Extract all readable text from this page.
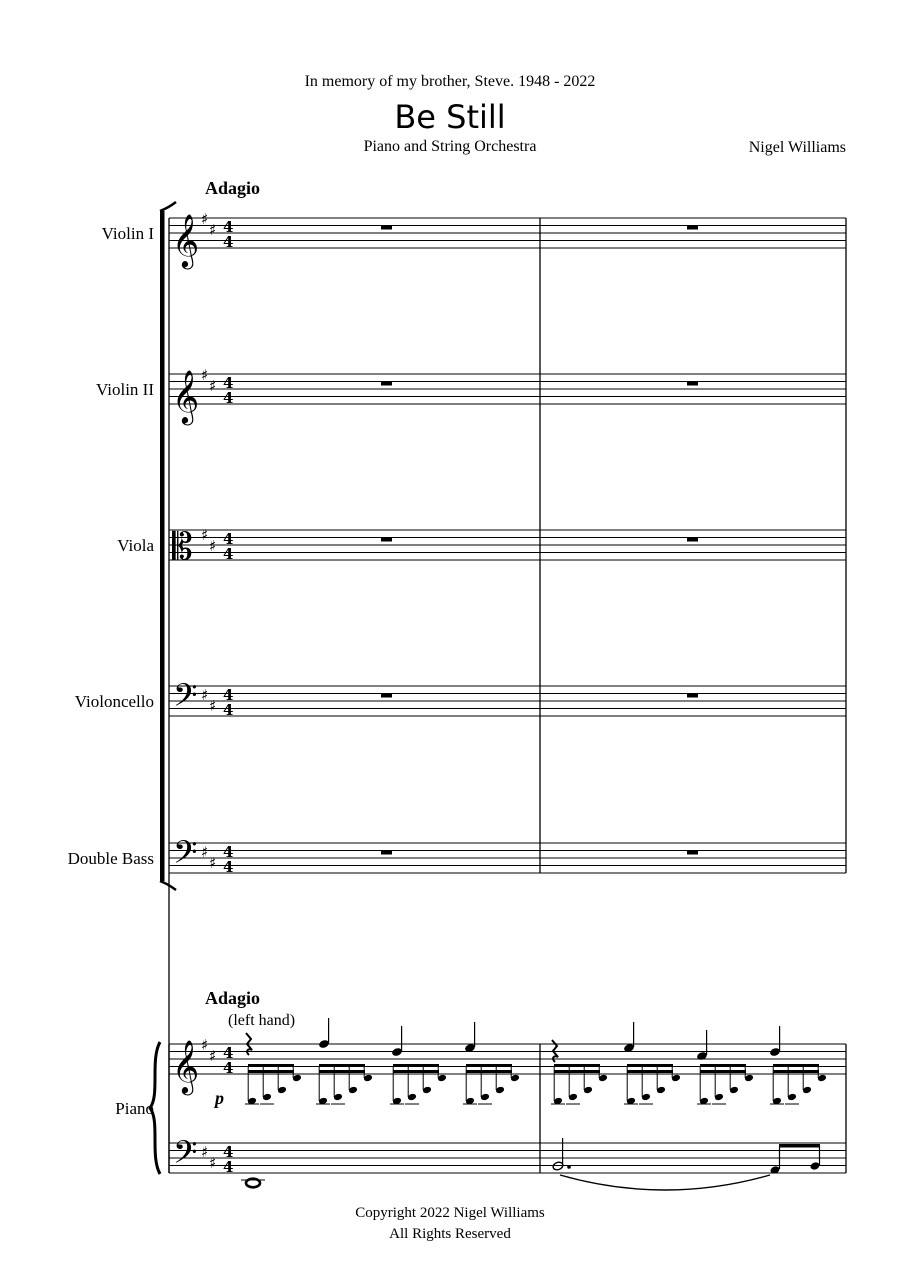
In memory of my brother, Steve. 1948 - 2022
Be Still
Piano and String Orchestra	Nigel Williams
Adagio
Violin I
Violin II
Viola
Violoncello
Double Bass
Adagio
(left hand)
Piano
p
Copyright 2022 Nigel Williams
All Rights Reserved
𝄞 ♯
♯ 4
4
𝄞 ♯
♯ 4
4
𝄡 ♯
♯ 4
4
𝄢 ♯
♯
4
4
𝄢 ♯
♯
4
4
𝄞
𝄢
♯
♯
♯
♯
4
4
4
4
